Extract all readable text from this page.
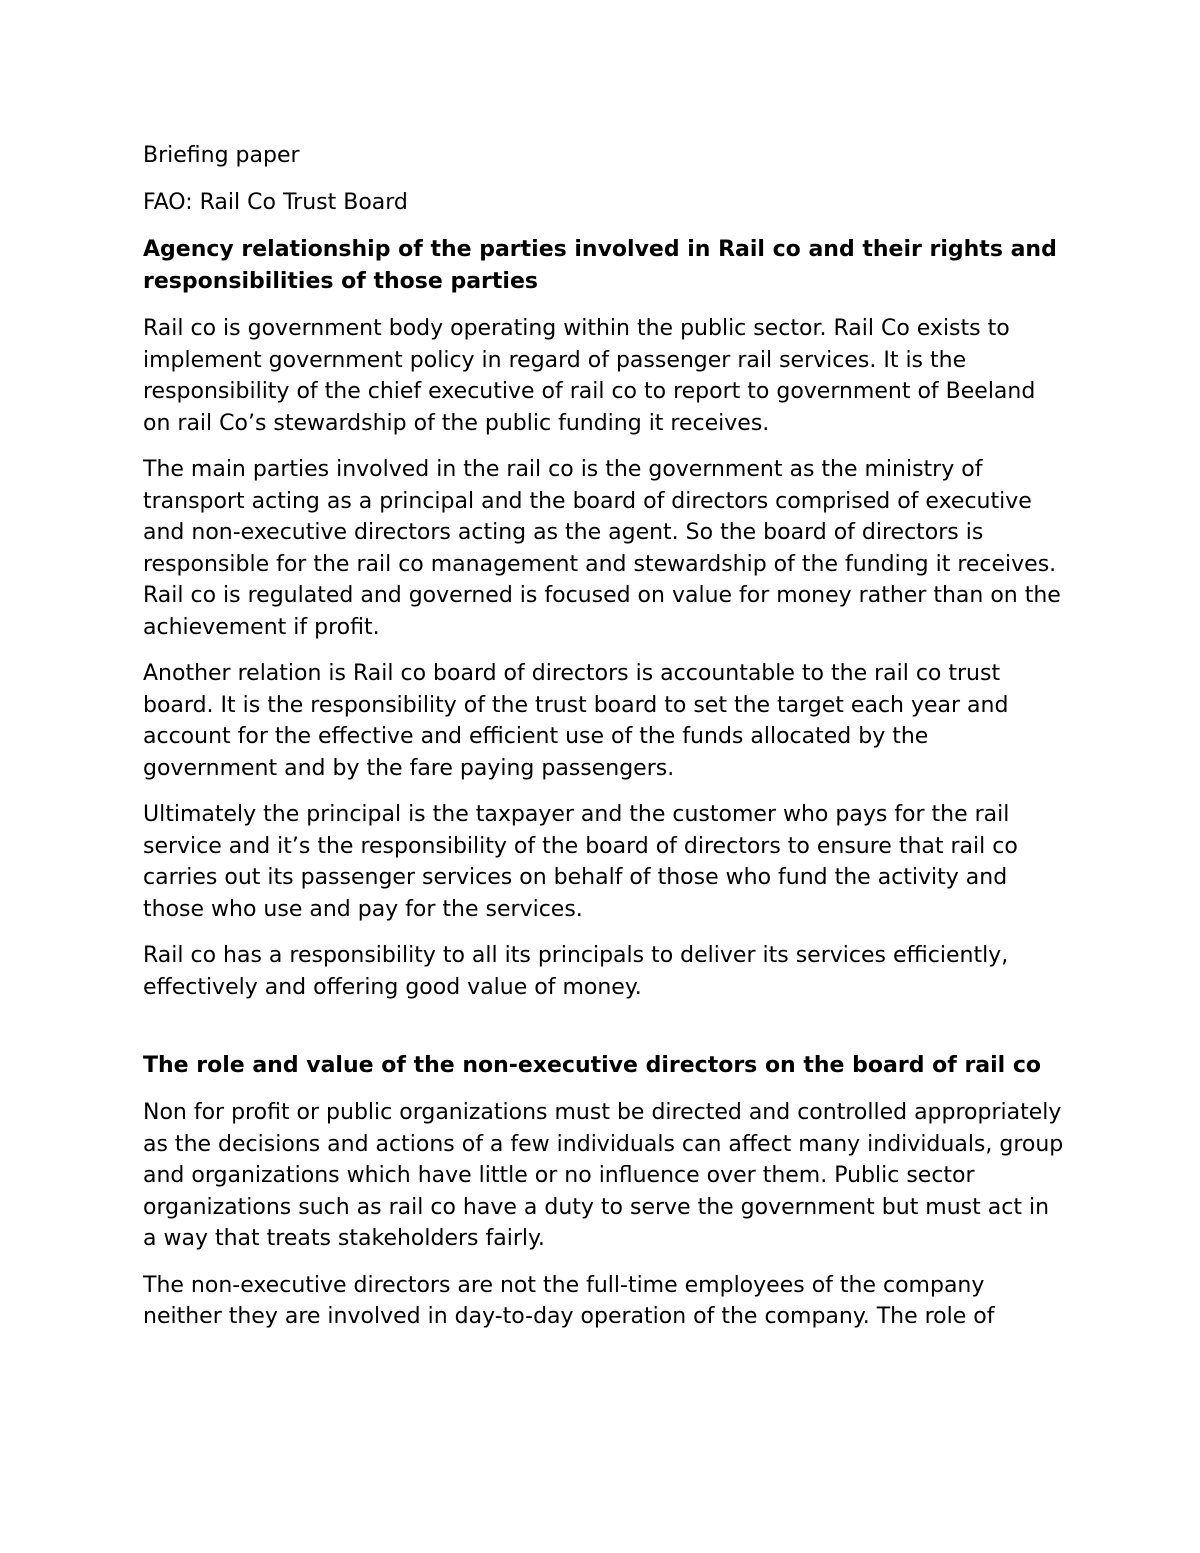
Briefing paper

FAO: Rail Co Trust Board

Agency relationship of the parties involved in Rail co and their rights and responsibilities of those parties

Rail co is government body operating within the public sector. Rail Co exists to implement government policy in regard of passenger rail services. It is the responsibility of the chief executive of rail co to report to government of Beeland on rail Co’s stewardship of the public funding it receives.

The main parties involved in the rail co is the government as the ministry of transport acting as a principal and the board of directors comprised of executive and non-executive directors acting as the agent. So the board of directors is responsible for the rail co management and stewardship of the funding it receives. Rail co is regulated and governed is focused on value for money rather than on the achievement if profit.

Another relation is Rail co board of directors is accountable to the rail co trust board. It is the responsibility of the trust board to set the target each year and account for the effective and efficient use of the funds allocated by the government and by the fare paying passengers.

Ultimately the principal is the taxpayer and the customer who pays for the rail service and it’s the responsibility of the board of directors to ensure that rail co carries out its passenger services on behalf of those who fund the activity and those who use and pay for the services.

Rail co has a responsibility to all its principals to deliver its services efficiently, effectively and offering good value of money.

The role and value of the non-executive directors on the board of rail co

Non for profit or public organizations must be directed and controlled appropriately as the decisions and actions of a few individuals can affect many individuals, group and organizations which have little or no influence over them. Public sector organizations such as rail co have a duty to serve the government but must act in a way that treats stakeholders fairly.

The non-executive directors are not the full-time employees of the company neither they are involved in day-to-day operation of the company. The role of
